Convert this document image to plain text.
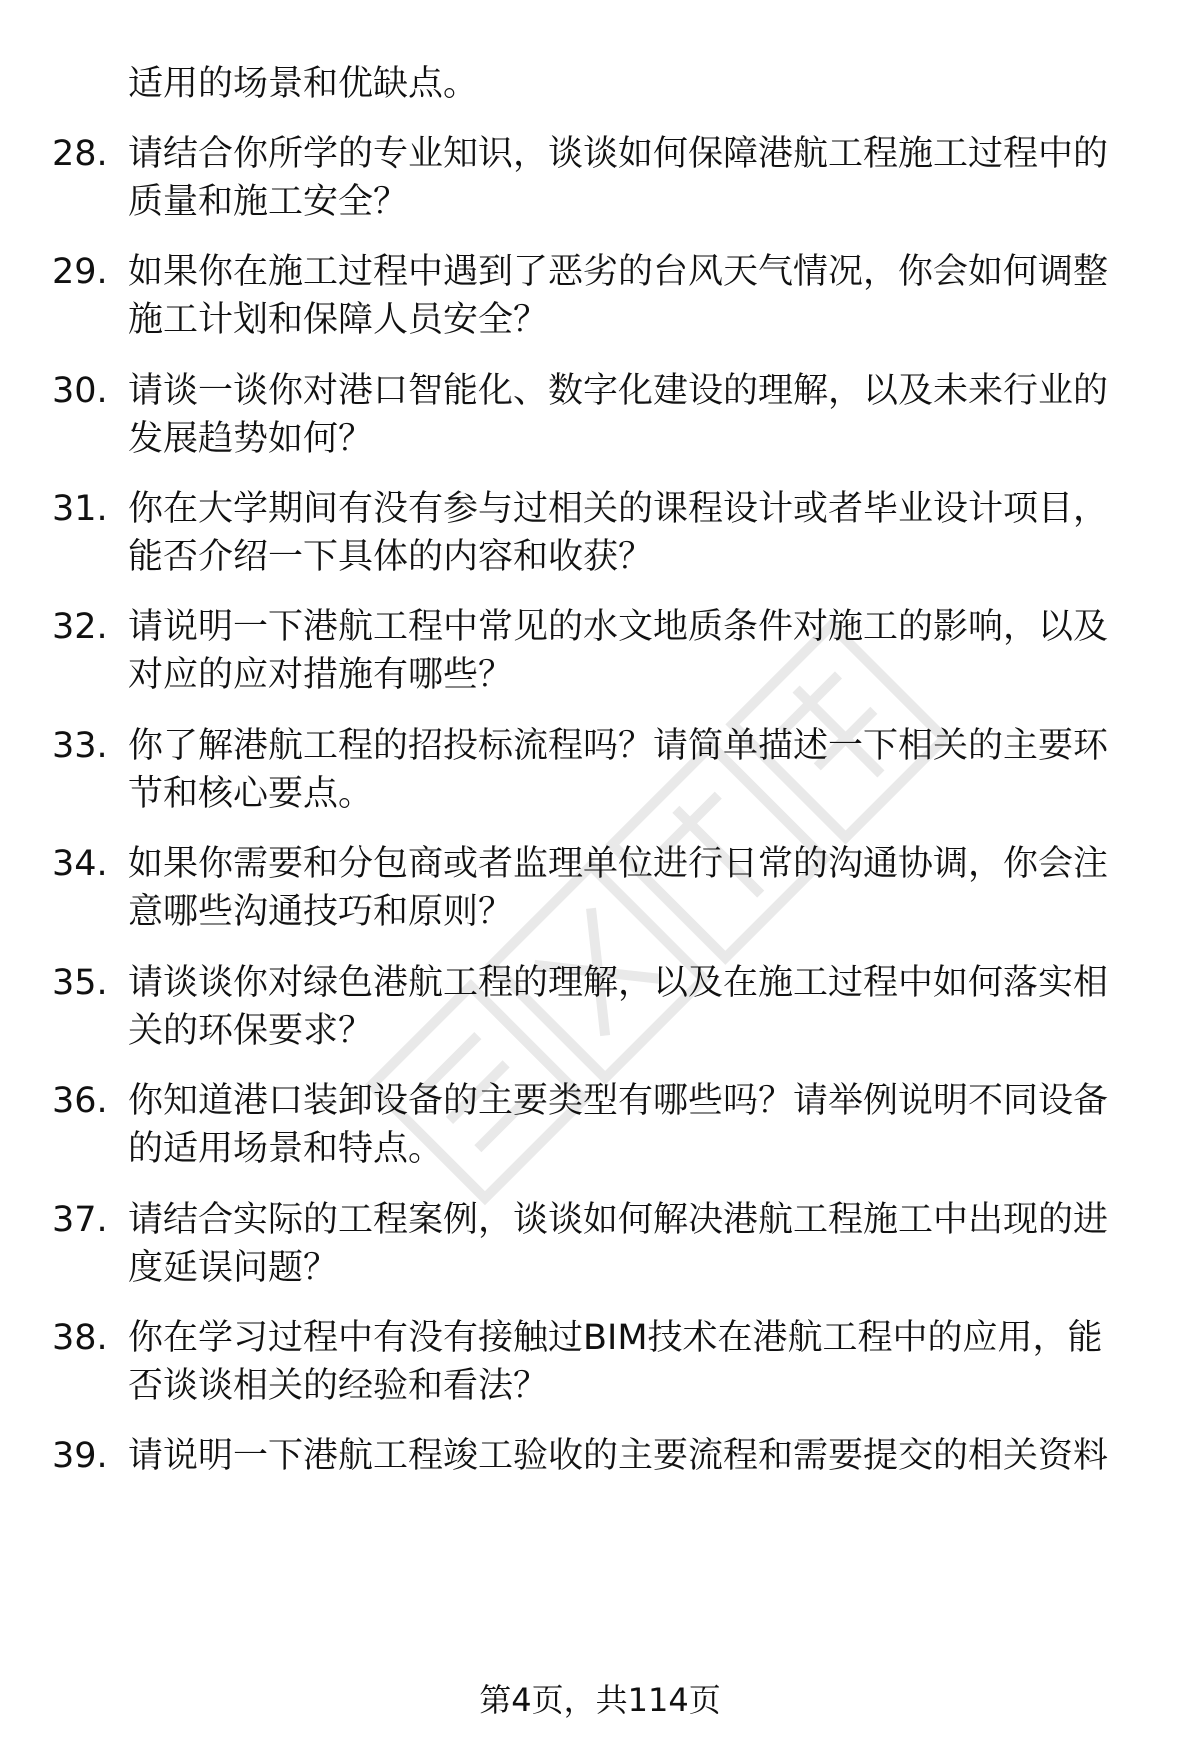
适用的场景和优缺点。
28. 请结合你所学的专业知识，谈谈如何保障港航工程施工过程中的
质量和施工安全？
29. 如果你在施工过程中遇到了恶劣的台风天气情况，你会如何调整
施工计划和保障人员安全？
30. 请谈一谈你对港口智能化、数字化建设的理解，以及未来行业的
发展趋势如何？
31. 你在大学期间有没有参与过相关的课程设计或者毕业设计项目，
能否介绍一下具体的内容和收获？
32. 请说明一下港航工程中常见的水文地质条件对施工的影响，以及
对应的应对措施有哪些？
33. 你了解港航工程的招投标流程吗？请简单描述一下相关的主要环
节和核心要点。
34. 如果你需要和分包商或者监理单位进行日常的沟通协调，你会注
意哪些沟通技巧和原则？
35. 请谈谈你对绿色港航工程的理解，以及在施工过程中如何落实相
关的环保要求？
36. 你知道港口装卸设备的主要类型有哪些吗？请举例说明不同设备
的适用场景和特点。
37. 请结合实际的工程案例，谈谈如何解决港航工程施工中出现的进
度延误问题？
38. 你在学习过程中有没有接触过BIM技术在港航工程中的应用，能
否谈谈相关的经验和看法？
39. 请说明一下港航工程竣工验收的主要流程和需要提交的相关资料
第4页，共114页
